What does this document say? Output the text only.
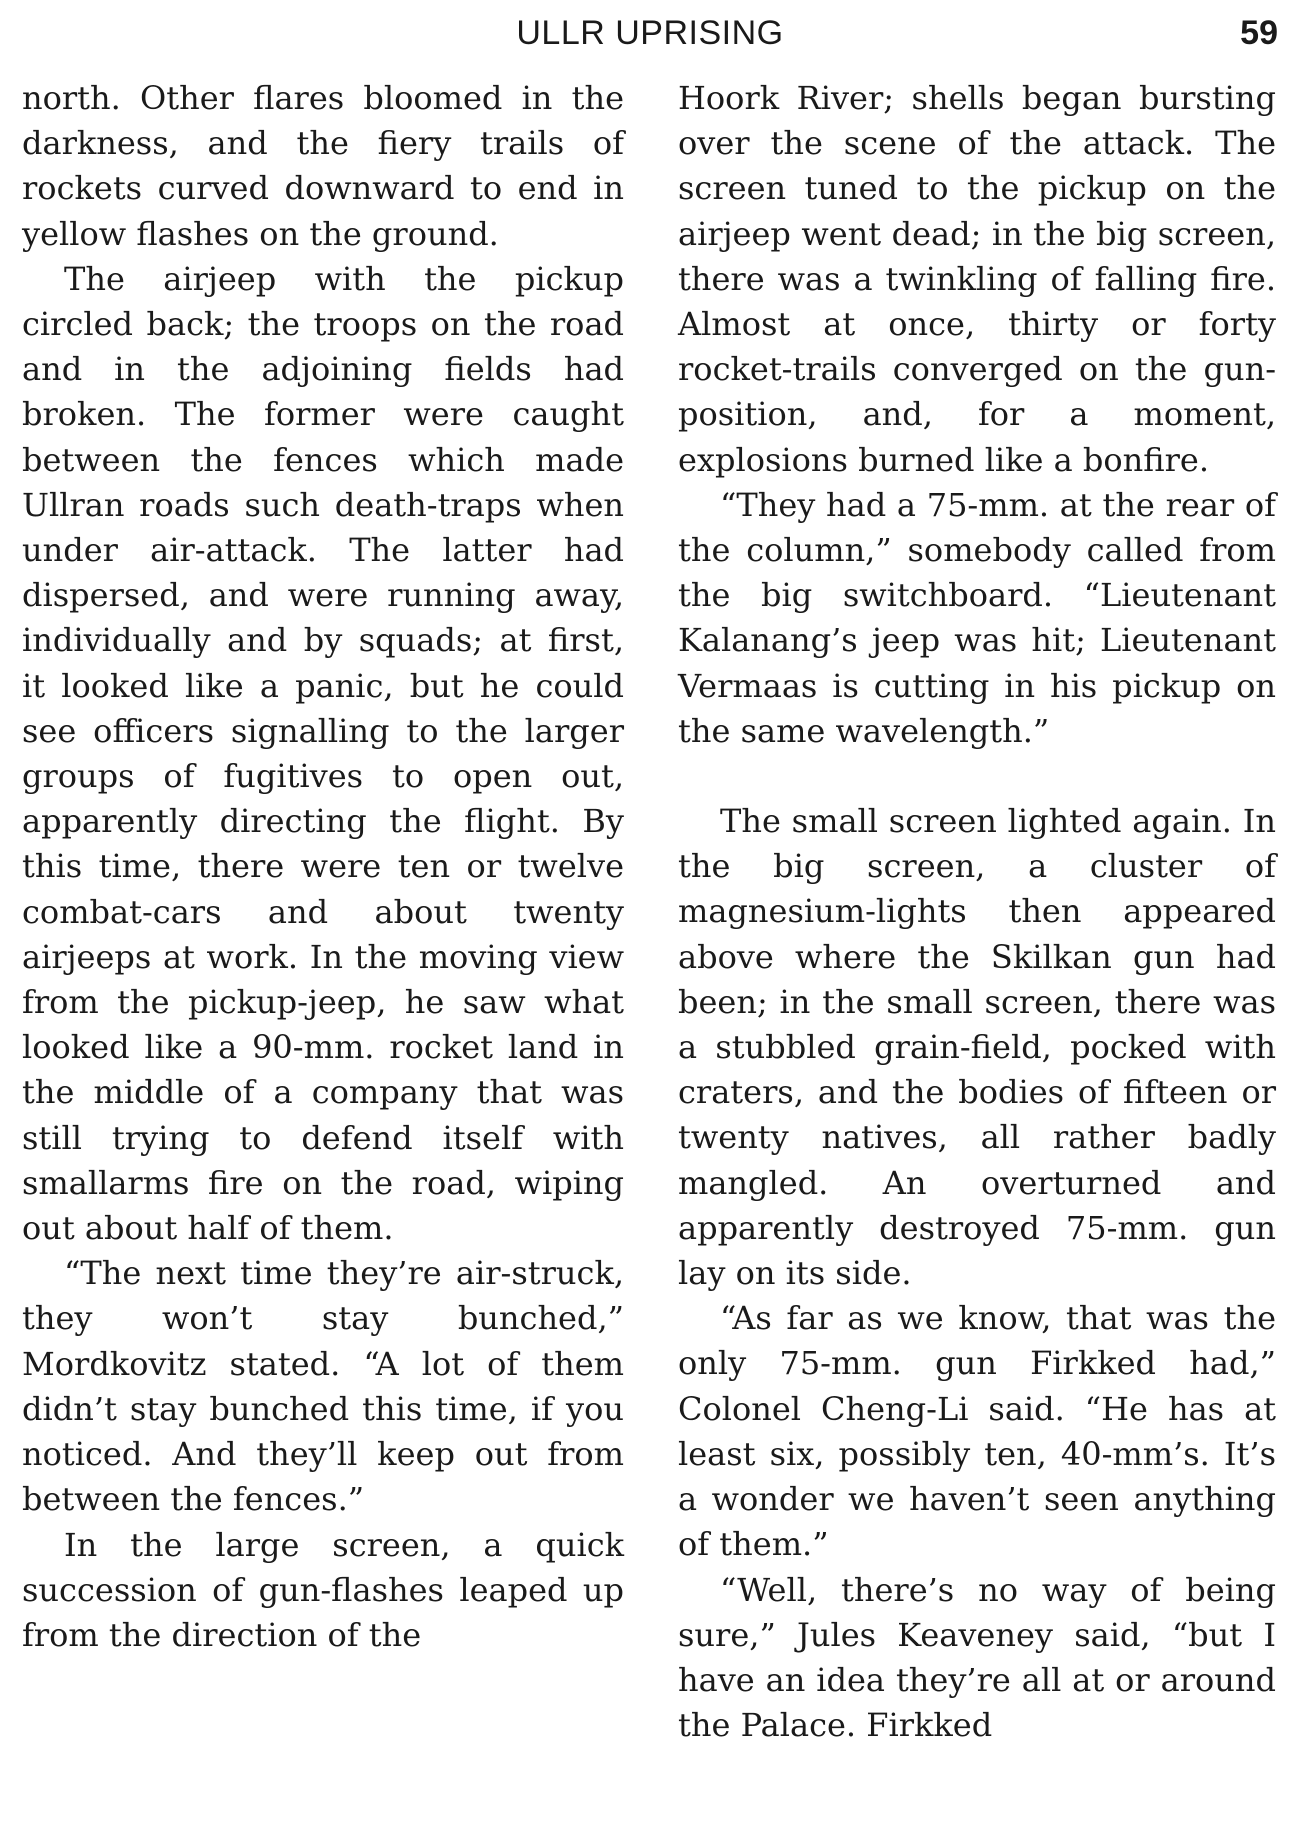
ULLR UPRISING	59

north. Other flares bloomed in the darkness, and the fiery trails of rockets curved downward to end in yellow flashes on the ground.

The airjeep with the pickup circled back; the troops on the road and in the adjoining fields had broken. The former were caught between the fences which made Ullran roads such death-traps when under air-attack. The latter had dispersed, and were running away, individually and by squads; at first, it looked like a panic, but he could see officers signalling to the larger groups of fugitives to open out, apparently directing the flight. By this time, there were ten or twelve combat-cars and about twenty airjeeps at work. In the moving view from the pickup-jeep, he saw what looked like a 90-mm. rocket land in the middle of a company that was still trying to defend itself with smallarms fire on the road, wiping out about half of them.

“The next time they’re air-struck, they won’t stay bunched,” Mordkovitz stated. “A lot of them didn’t stay bunched this time, if you noticed. And they’ll keep out from between the fences.”

In the large screen, a quick succession of gun-flashes leaped up from the direction of the

Hoork River; shells began bursting over the scene of the attack. The screen tuned to the pickup on the airjeep went dead; in the big screen, there was a twinkling of falling fire. Almost at once, thirty or forty rocket-trails converged on the gun-position, and, for a moment, explosions burned like a bonfire.

“They had a 75-mm. at the rear of the column,” somebody called from the big switchboard. “Lieutenant Kalanang’s jeep was hit; Lieutenant Vermaas is cutting in his pickup on the same wavelength.”

The small screen lighted again. In the big screen, a cluster of magnesium-lights then appeared above where the Skilkan gun had been; in the small screen, there was a stubbled grain-field, pocked with craters, and the bodies of fifteen or twenty natives, all rather badly mangled. An overturned and apparently destroyed 75-mm. gun lay on its side.

“As far as we know, that was the only 75-mm. gun Firkked had,” Colonel Cheng-Li said. “He has at least six, possibly ten, 40-mm’s. It’s a wonder we haven’t seen anything of them.”

“Well, there’s no way of being sure,” Jules Keaveney said, “but I have an idea they’re all at or around the Palace. Firkked
